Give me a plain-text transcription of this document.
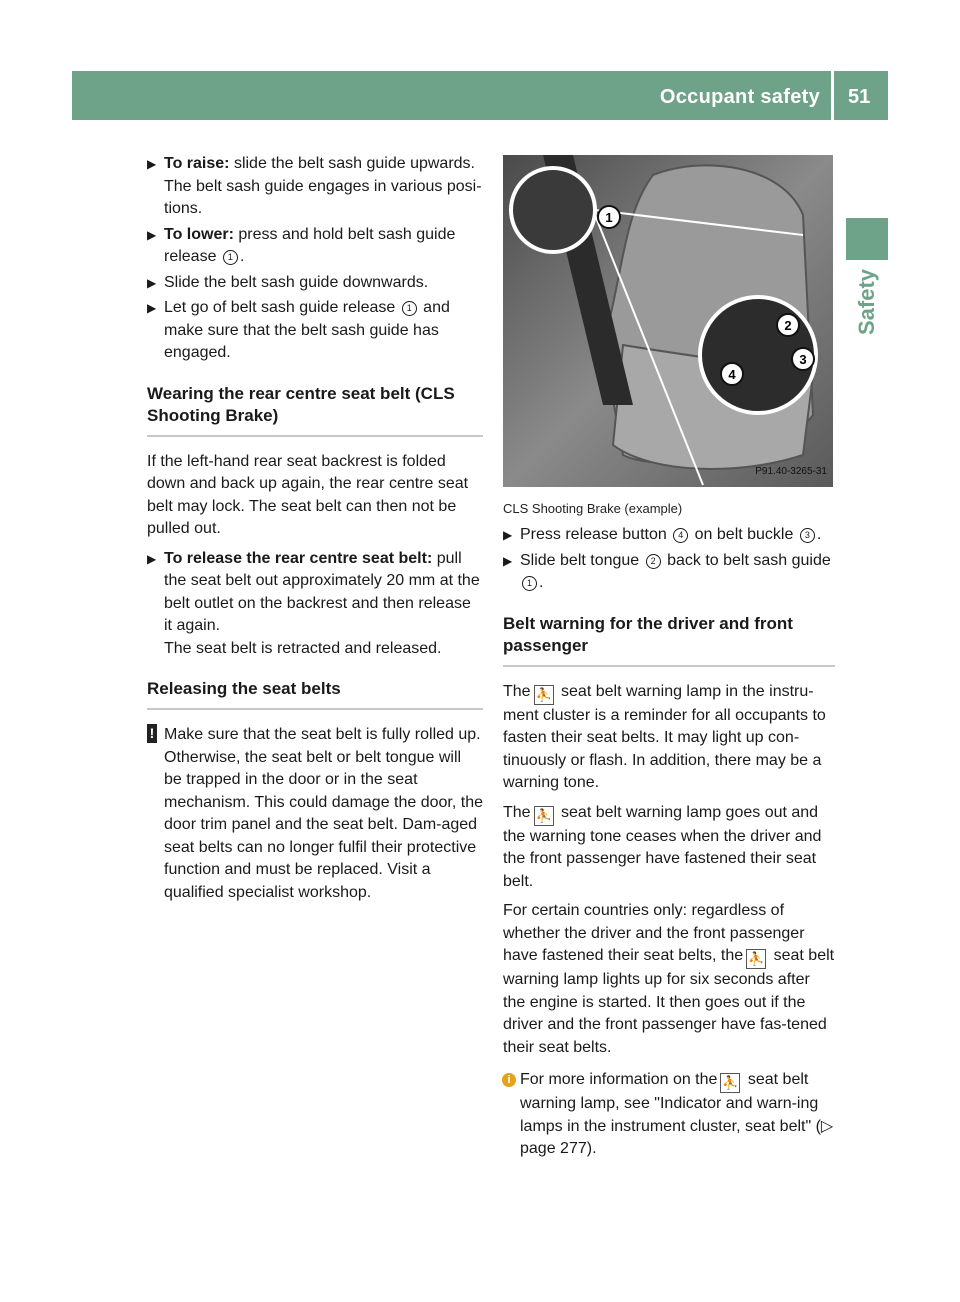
Occupant safety 51
Safety
▶ To raise: slide the belt sash guide upwards. The belt sash guide engages in various posi-tions.
▶ To lower: press and hold belt sash guide release 1 .
▶ Slide the belt sash guide downwards.
▶ Let go of belt sash guide release 1 and make sure that the belt sash guide has engaged.
Wearing the rear centre seat belt (CLS Shooting Brake)

If the left-hand rear seat backrest is folded down and back up again, the rear centre seat belt may lock. The seat belt can then not be pulled out.

▶ To release the rear centre seat belt: pull the seat belt out approximately 20 mm at the belt outlet on the backrest and then release it again.
The seat belt is retracted and released.
Releasing the seat belts
! Make sure that the seat belt is fully rolled up. Otherwise, the seat belt or belt tongue will be trapped in the door or in the seat mechanism. This could damage the door, the door trim panel and the seat belt. Dam-aged seat belts can no longer fulfil their protective function and must be replaced. Visit a qualified specialist workshop.
1
2
3
4
P91.40-3265-31
CLS Shooting Brake (example)
▶ Press release button 4 on belt buckle 3 .
▶ Slide belt tongue 2 back to belt sash guide 1 .
Belt warning for the driver and front passenger

The ⛹ seat belt warning lamp in the instru-ment cluster is a reminder for all occupants to fasten their seat belts. It may light up con-tinuously or flash. In addition, there may be a warning tone.

The ⛹ seat belt warning lamp goes out and the warning tone ceases when the driver and the front passenger have fastened their seat belt.

For certain countries only: regardless of whether the driver and the front passenger have fastened their seat belts, the ⛹ seat belt warning lamp lights up for six seconds after the engine is started. It then goes out if the driver and the front passenger have fas-tened their seat belts.

i For more information on the ⛹ seat belt warning lamp, see "Indicator and warn-ing lamps in the instrument cluster, seat belt" (▷ page 277).
